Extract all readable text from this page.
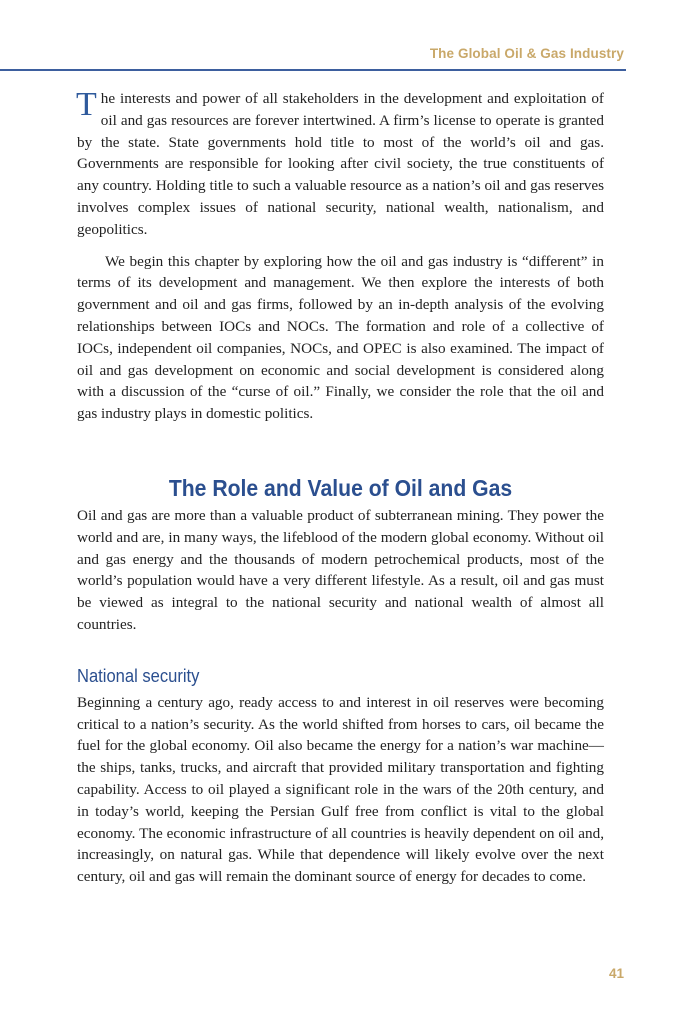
The Global Oil & Gas Industry

The interests and power of all stakeholders in the development and exploitation of oil and gas resources are forever intertwined. A firm’s license to operate is granted by the state. State governments hold title to most of the world’s oil and gas. Governments are responsible for looking after civil society, the true constituents of any country. Holding title to such a valuable resource as a nation’s oil and gas reserves involves complex issues of national security, national wealth, nationalism, and geopolitics.

We begin this chapter by exploring how the oil and gas industry is “different” in terms of its development and management. We then explore the interests of both government and oil and gas firms, followed by an in-depth analysis of the evolving relationships between IOCs and NOCs. The formation and role of a collective of IOCs, independent oil companies, NOCs, and OPEC is also examined. The impact of oil and gas development on economic and social development is considered along with a discussion of the “curse of oil.” Finally, we consider the role that the oil and gas industry plays in domestic politics.

The Role and Value of Oil and Gas

Oil and gas are more than a valuable product of subterranean mining. They power the world and are, in many ways, the lifeblood of the modern global economy. Without oil and gas energy and the thousands of modern petrochemical products, most of the world’s population would have a very different lifestyle. As a result, oil and gas must be viewed as integral to the national security and national wealth of almost all countries.

National security

Beginning a century ago, ready access to and interest in oil reserves were becoming critical to a nation’s security. As the world shifted from horses to cars, oil became the fuel for the global economy. Oil also became the energy for a nation’s war machine—the ships, tanks, trucks, and aircraft that provided military transportation and fighting capability. Access to oil played a significant role in the wars of the 20th century, and in today’s world, keeping the Persian Gulf free from conflict is vital to the global economy. The economic infrastructure of all countries is heavily dependent on oil and, increasingly, on natural gas. While that dependence will likely evolve over the next century, oil and gas will remain the dominant source of energy for decades to come.

41
